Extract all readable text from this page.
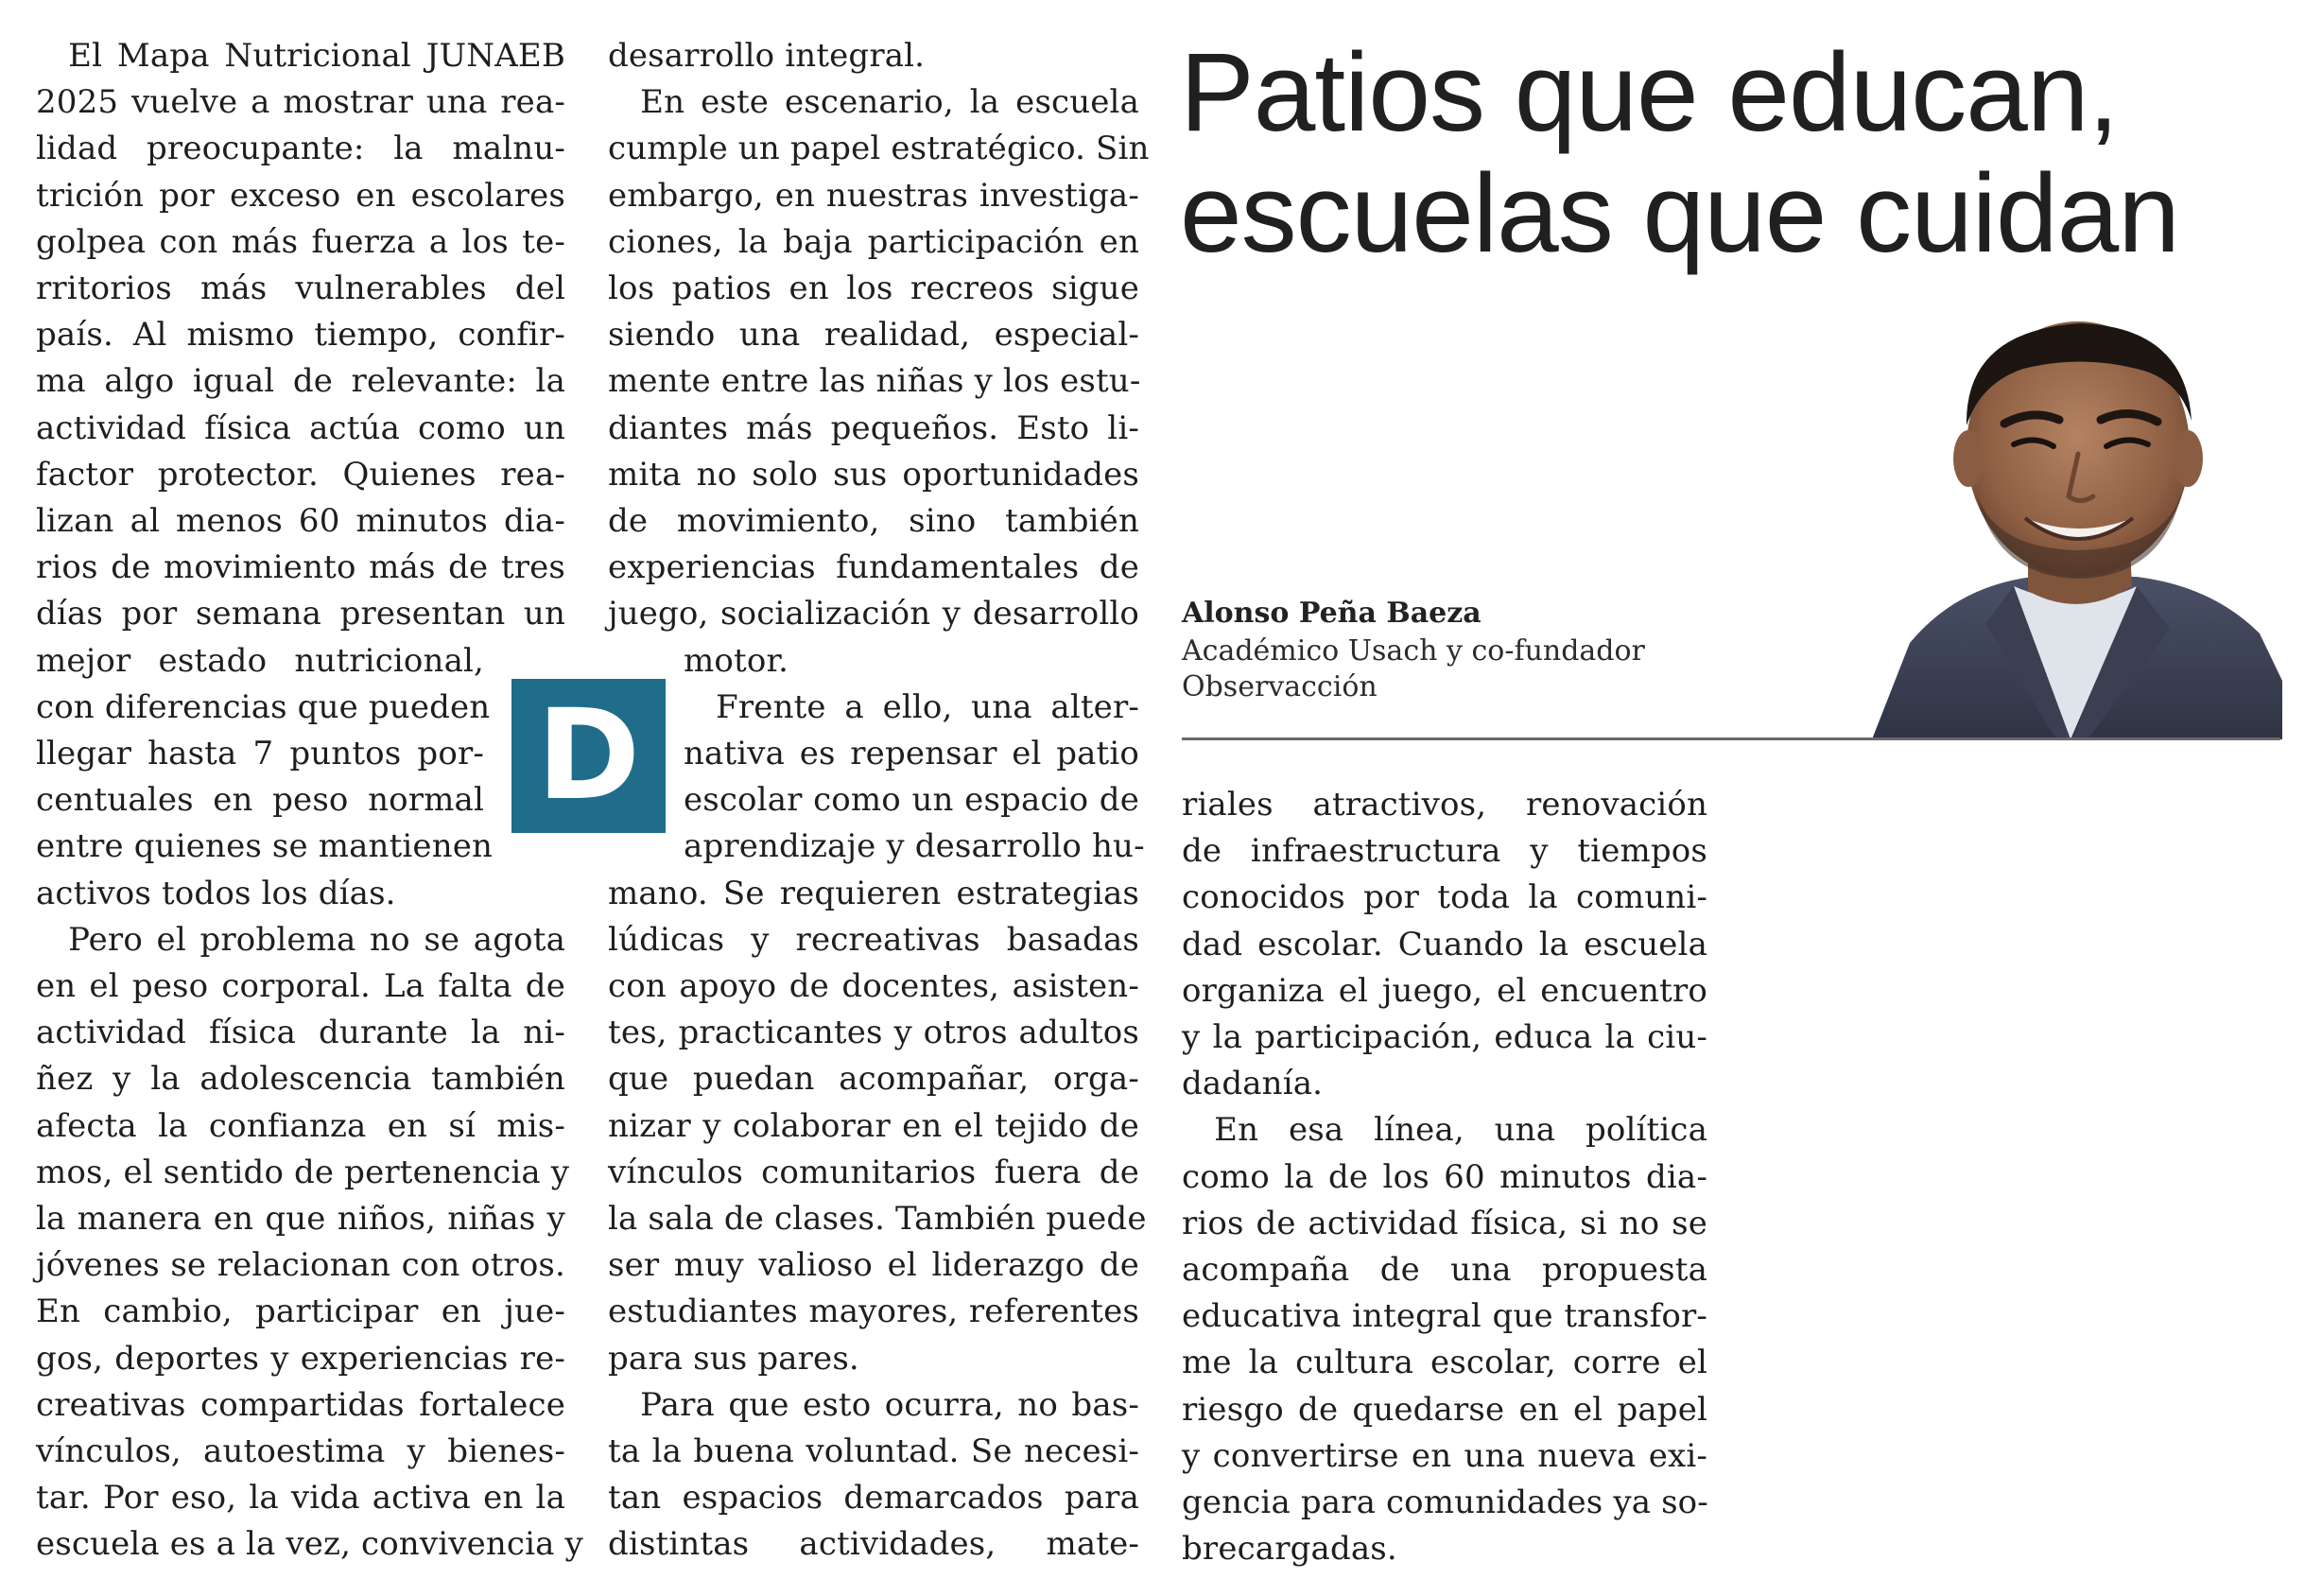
Patios que educan,
escuelas que cuidan
Alonso Peña Baeza
Académico Usach y co-fundador
Observacción
D
 El Mapa Nutricional JUNAEB
2025 vuelve a mostrar una rea-
lidad preocupante: la malnu-
trición por exceso en escolares
golpea con más fuerza a los te-
rritorios más vulnerables del
país. Al mismo tiempo, confir-
ma algo igual de relevante: la
actividad física actúa como un
factor protector. Quienes rea-
lizan al menos 60 minutos dia-
rios de movimiento más de tres
días por semana presentan un
mejor estado nutricional,
con diferencias que pueden
llegar hasta 7 puntos por-
centuales en peso normal
entre quienes se mantienen
activos todos los días.
 Pero el problema no se agota
en el peso corporal. La falta de
actividad física durante la ni-
ñez y la adolescencia también
afecta la confianza en sí mis-
mos, el sentido de pertenencia y
la manera en que niños, niñas y
jóvenes se relacionan con otros.
En cambio, participar en jue-
gos, deportes y experiencias re-
creativas compartidas fortalece
vínculos, autoestima y bienes-
tar. Por eso, la vida activa en la
escuela es a la vez, convivencia y
desarrollo integral.
 En este escenario, la escuela
cumple un papel estratégico. Sin
embargo, en nuestras investiga-
ciones, la baja participación en
los patios en los recreos sigue
siendo una realidad, especial-
mente entre las niñas y los estu-
diantes más pequeños. Esto li-
mita no solo sus oportunidades
de movimiento, sino también
experiencias fundamentales de
juego, socialización y desarrollo
motor.
 Frente a ello, una alter-
nativa es repensar el patio
escolar como un espacio de
aprendizaje y desarrollo hu-
mano. Se requieren estrategias
lúdicas y recreativas basadas
con apoyo de docentes, asisten-
tes, practicantes y otros adultos
que puedan acompañar, orga-
nizar y colaborar en el tejido de
vínculos comunitarios fuera de
la sala de clases. También puede
ser muy valioso el liderazgo de
estudiantes mayores, referentes
para sus pares.
 Para que esto ocurra, no bas-
ta la buena voluntad. Se necesi-
tan espacios demarcados para
distintas actividades, mate-
riales atractivos, renovación
de infraestructura y tiempos
conocidos por toda la comuni-
dad escolar. Cuando la escuela
organiza el juego, el encuentro
y la participación, educa la ciu-
dadanía.
 En esa línea, una política
como la de los 60 minutos dia-
rios de actividad física, si no se
acompaña de una propuesta
educativa integral que transfor-
me la cultura escolar, corre el
riesgo de quedarse en el papel
y convertirse en una nueva exi-
gencia para comunidades ya so-
brecargadas.
